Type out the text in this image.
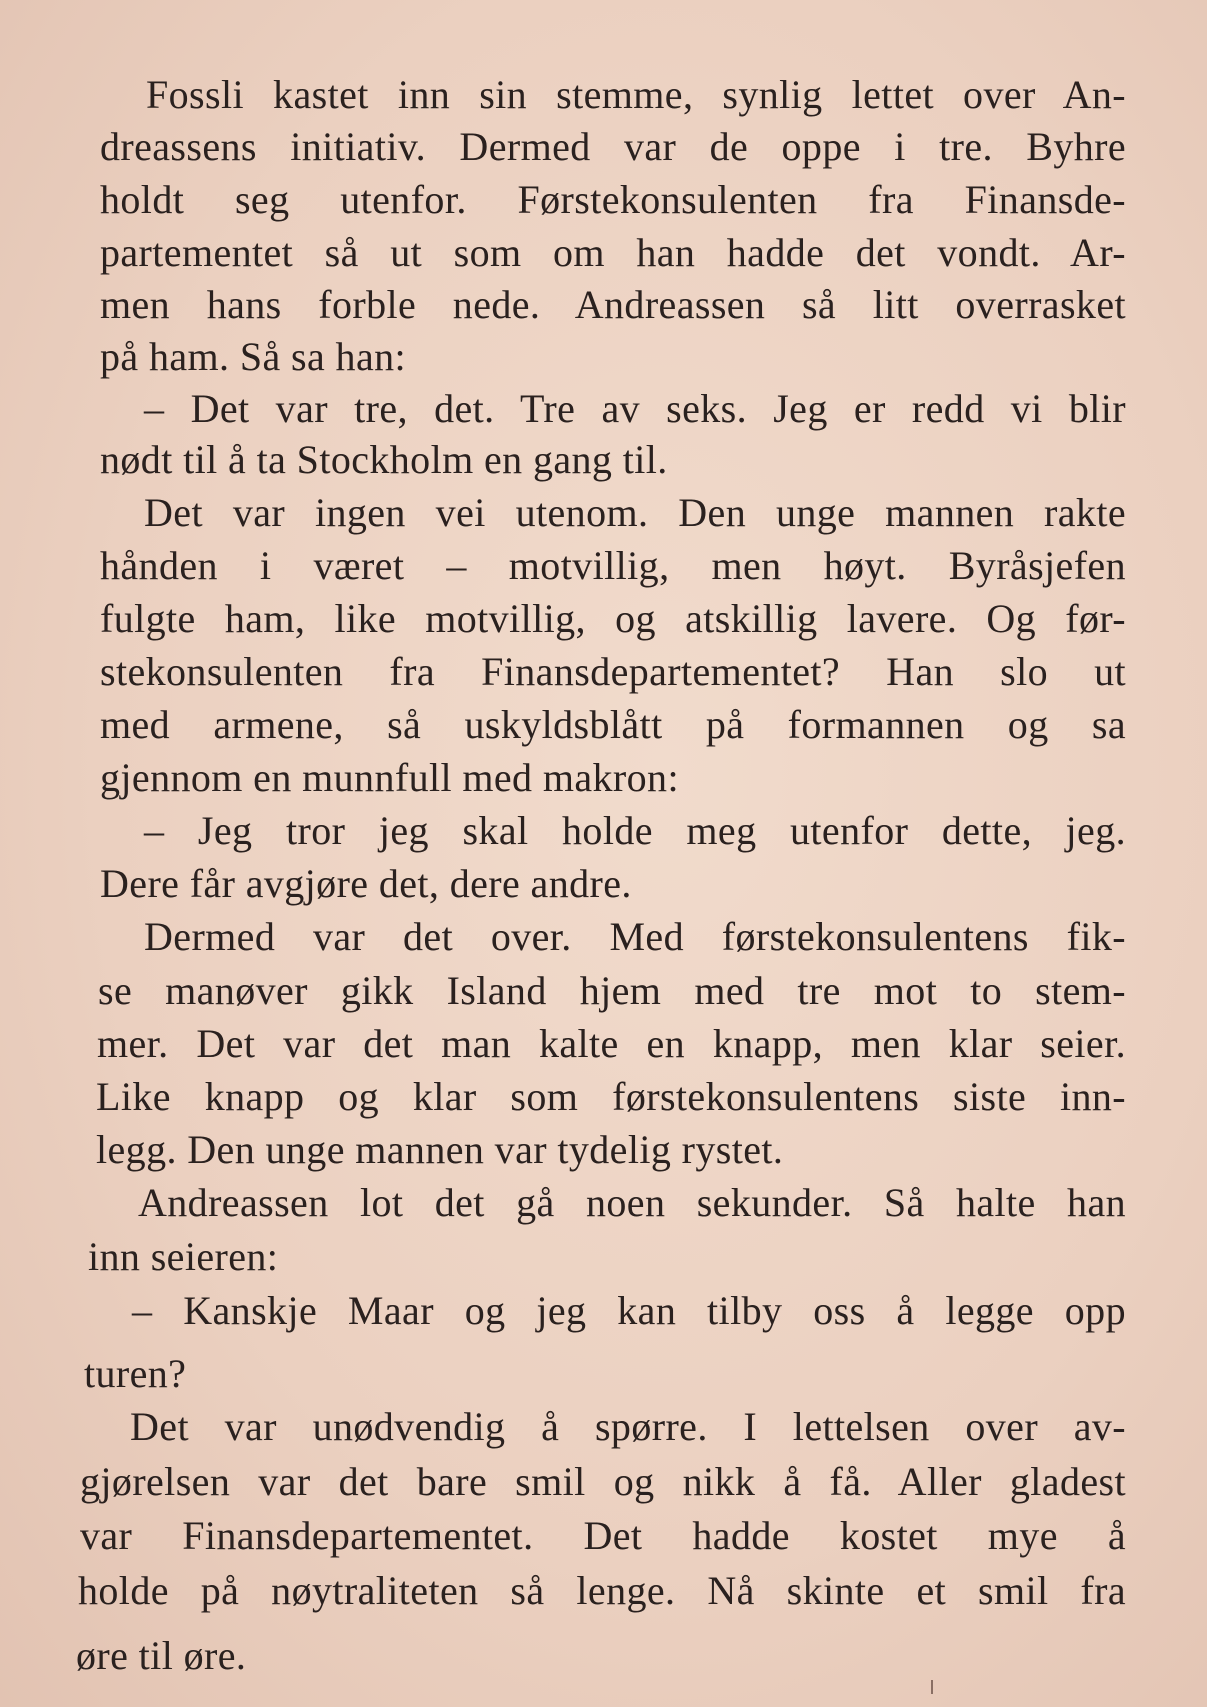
Fossli kastet inn sin stemme, synlig lettet over An-
dreassens initiativ. Dermed var de oppe i tre. Byhre
holdt seg utenfor. Førstekonsulenten fra Finansde-
partementet så ut som om han hadde det vondt. Ar-
men hans forble nede. Andreassen så litt overrasket
på ham. Så sa han:
– Det var tre, det. Tre av seks. Jeg er redd vi blir
nødt til å ta Stockholm en gang til.
Det var ingen vei utenom. Den unge mannen rakte
hånden i været – motvillig, men høyt. Byråsjefen
fulgte ham, like motvillig, og atskillig lavere. Og før-
stekonsulenten fra Finansdepartementet? Han slo ut
med armene, så uskyldsblått på formannen og sa
gjennom en munnfull med makron:
– Jeg tror jeg skal holde meg utenfor dette, jeg.
Dere får avgjøre det, dere andre.
Dermed var det over. Med førstekonsulentens fik-
se manøver gikk Island hjem med tre mot to stem-
mer. Det var det man kalte en knapp, men klar seier.
Like knapp og klar som førstekonsulentens siste inn-
legg. Den unge mannen var tydelig rystet.
Andreassen lot det gå noen sekunder. Så halte han
inn seieren:
– Kanskje Maar og jeg kan tilby oss å legge opp
turen?
Det var unødvendig å spørre. I lettelsen over av-
gjørelsen var det bare smil og nikk å få. Aller gladest
var Finansdepartementet. Det hadde kostet mye å
holde på nøytraliteten så lenge. Nå skinte et smil fra
øre til øre.
